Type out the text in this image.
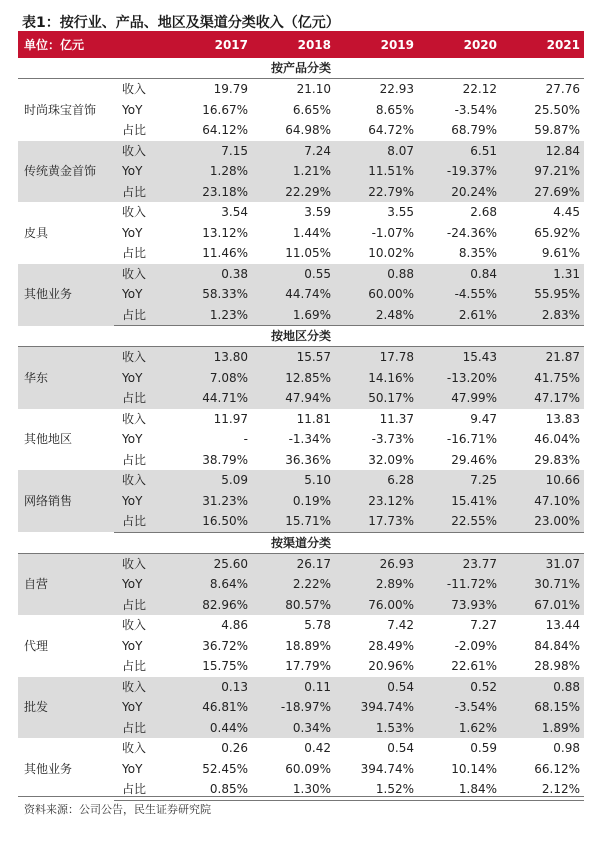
表1：按行业、产品、地区及渠道分类收入（亿元）
单位：亿元		2017	2018	2019	2020	2021
按产品分类						
时尚珠宝首饰	收入	19.79	21.10	22.93	22.12	27.76
	YoY	16.67%	6.65%	8.65%	-3.54%	25.50%
	占比	64.12%	64.98%	64.72%	68.79%	59.87%
传统黄金首饰	收入	7.15	7.24	8.07	6.51	12.84
	YoY	1.28%	1.21%	11.51%	-19.37%	97.21%
	占比	23.18%	22.29%	22.79%	20.24%	27.69%
皮具	收入	3.54	3.59	3.55	2.68	4.45
	YoY	13.12%	1.44%	-1.07%	-24.36%	65.92%
	占比	11.46%	11.05%	10.02%	8.35%	9.61%
其他业务	收入	0.38	0.55	0.88	0.84	1.31
	YoY	58.33%	44.74%	60.00%	-4.55%	55.95%
	占比	1.23%	1.69%	2.48%	2.61%	2.83%
按地区分类						
华东	收入	13.80	15.57	17.78	15.43	21.87
	YoY	7.08%	12.85%	14.16%	-13.20%	41.75%
	占比	44.71%	47.94%	50.17%	47.99%	47.17%
其他地区	收入	11.97	11.81	11.37	9.47	13.83
	YoY	-	-1.34%	-3.73%	-16.71%	46.04%
	占比	38.79%	36.36%	32.09%	29.46%	29.83%
网络销售	收入	5.09	5.10	6.28	7.25	10.66
	YoY	31.23%	0.19%	23.12%	15.41%	47.10%
	占比	16.50%	15.71%	17.73%	22.55%	23.00%
按渠道分类						
自营	收入	25.60	26.17	26.93	23.77	31.07
	YoY	8.64%	2.22%	2.89%	-11.72%	30.71%
	占比	82.96%	80.57%	76.00%	73.93%	67.01%
代理	收入	4.86	5.78	7.42	7.27	13.44
	YoY	36.72%	18.89%	28.49%	-2.09%	84.84%
	占比	15.75%	17.79%	20.96%	22.61%	28.98%
批发	收入	0.13	0.11	0.54	0.52	0.88
	YoY	46.81%	-18.97%	394.74%	-3.54%	68.15%
	占比	0.44%	0.34%	1.53%	1.62%	1.89%
其他业务	收入	0.26	0.42	0.54	0.59	0.98
	YoY	52.45%	60.09%	394.74%	10.14%	66.12%
	占比	0.85%	1.30%	1.52%	1.84%	2.12%
资料来源：公司公告，民生证券研究院
